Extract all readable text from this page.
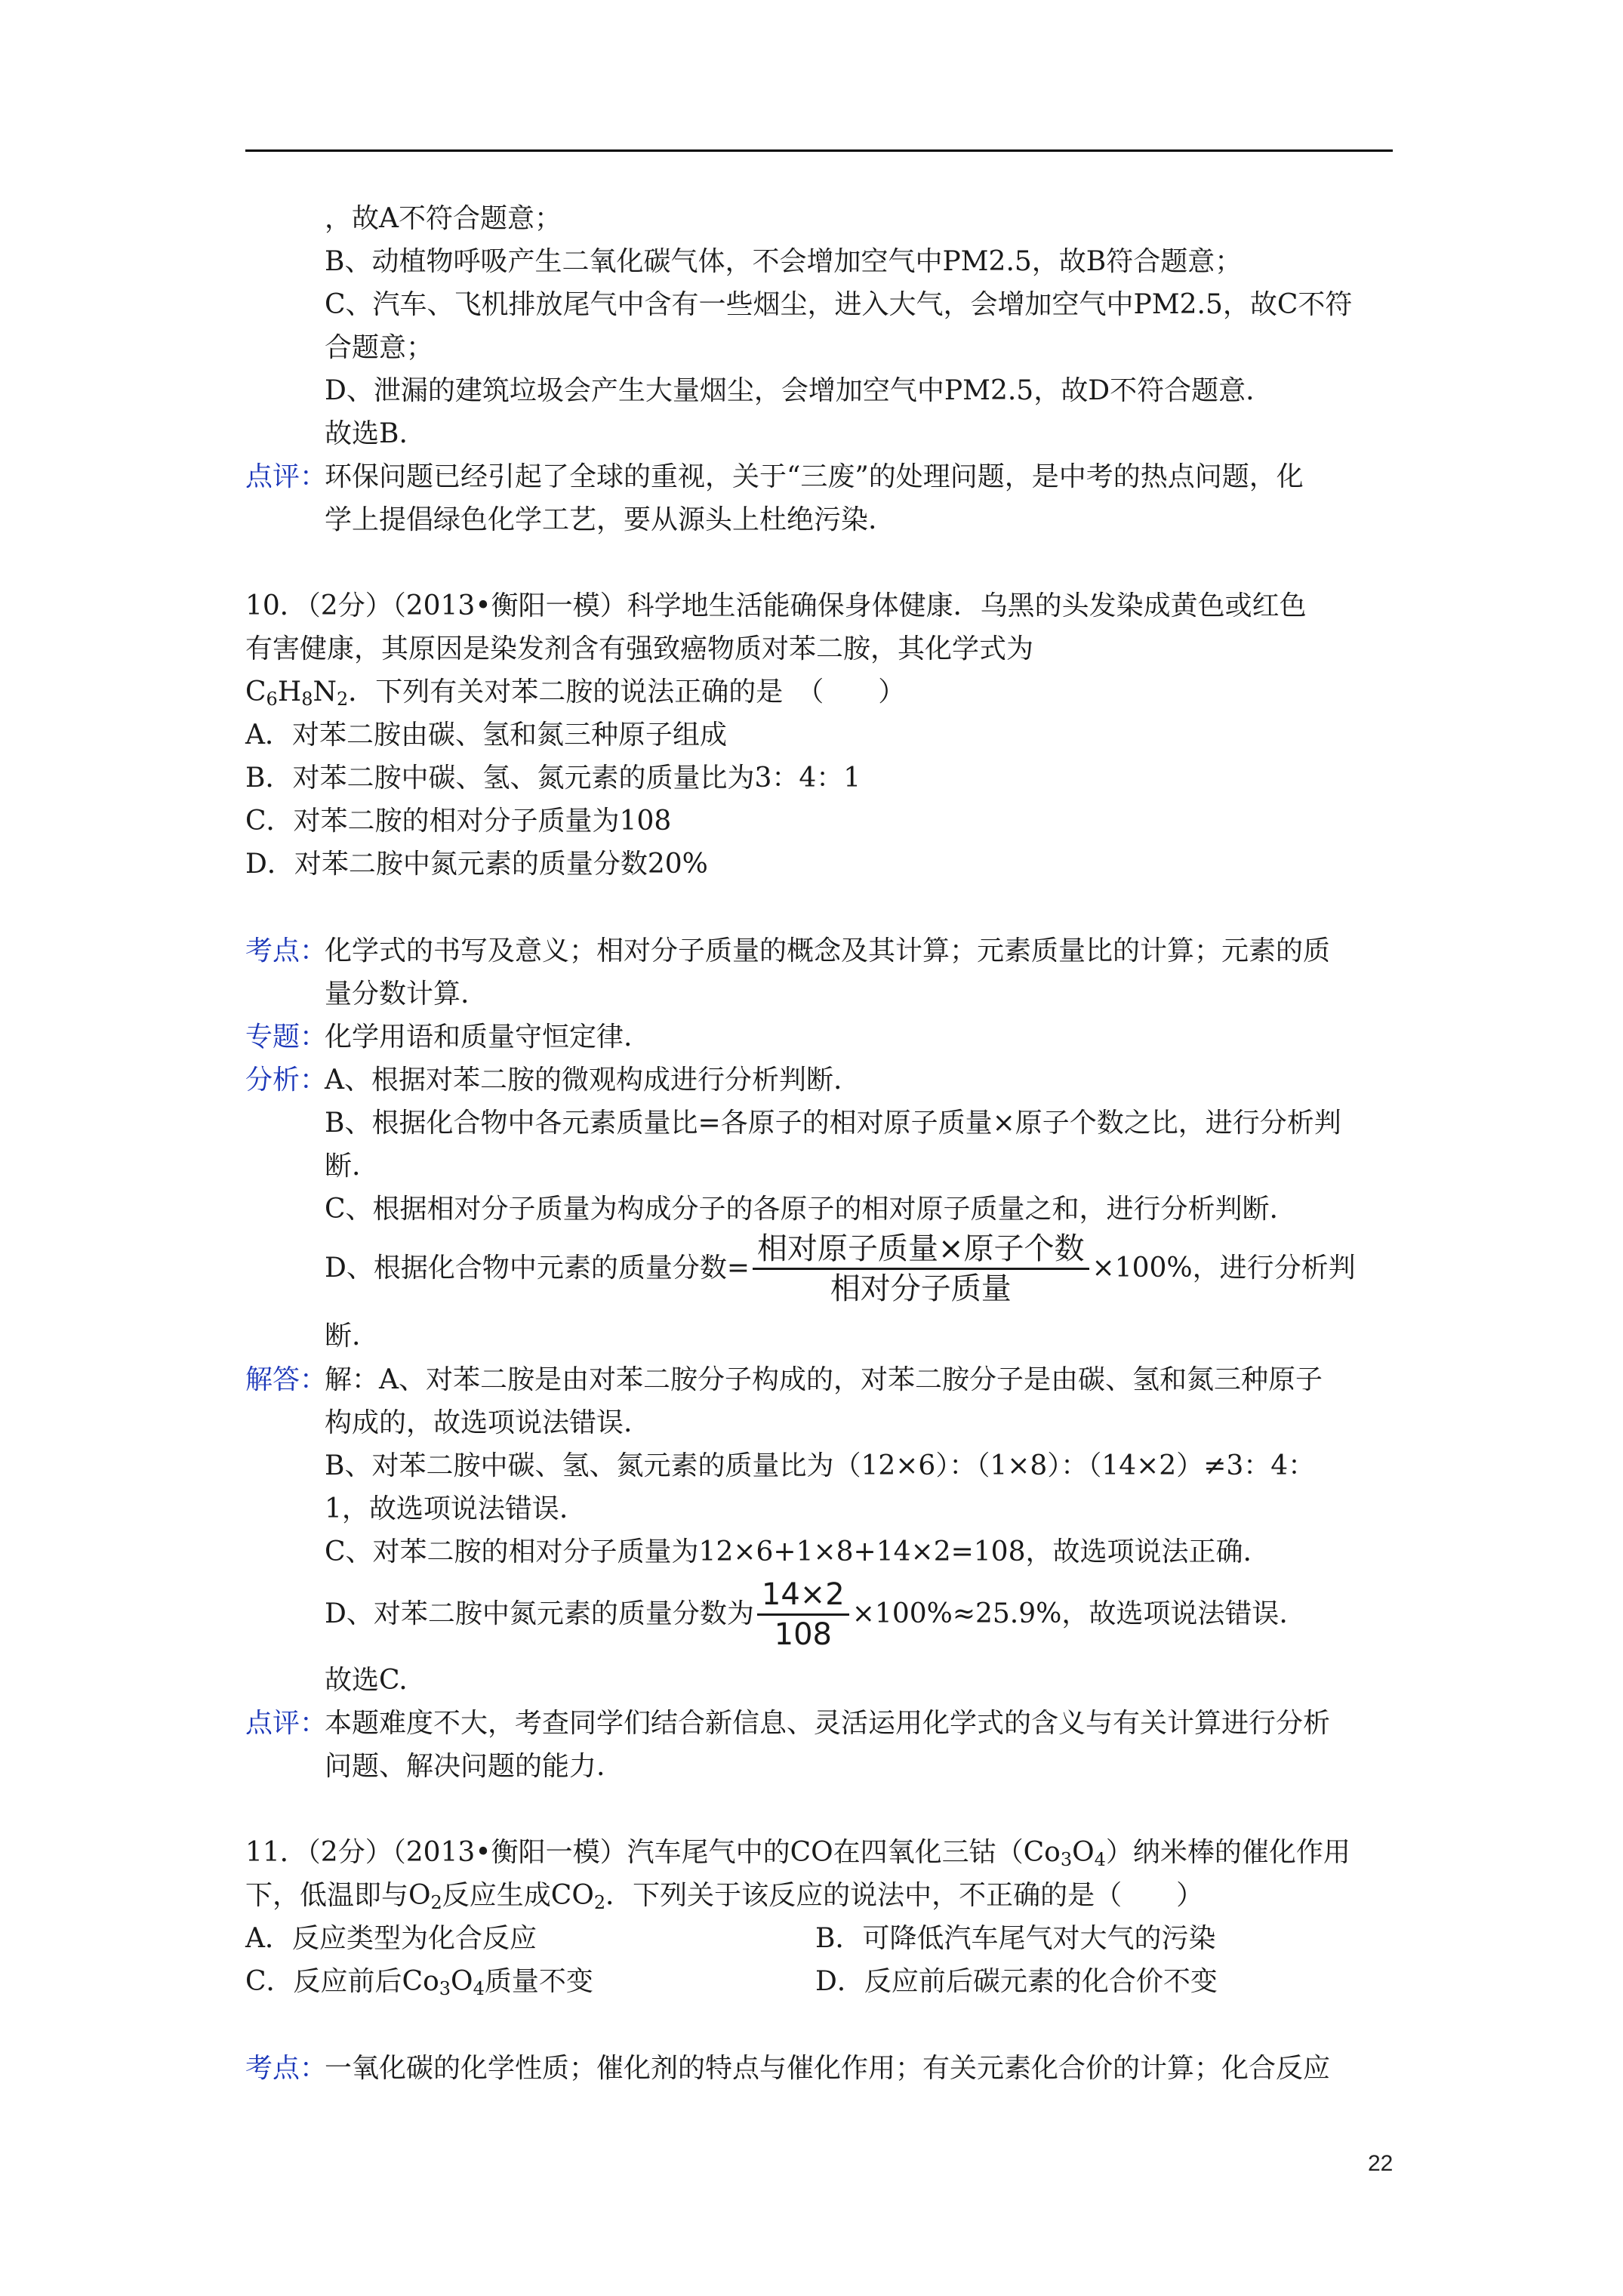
，故A不符合题意；
B、动植物呼吸产生二氧化碳气体，不会增加空气中PM2.5，故B符合题意；
C、汽车、飞机排放尾气中含有一些烟尘，进入大气，会增加空气中PM2.5，故C不符
合题意；
D、泄漏的建筑垃圾会产生大量烟尘，会增加空气中PM2.5，故D不符合题意.
故选B.
点评：
环保问题已经引起了全球的重视，关于“三废”的处理问题，是中考的热点问题，化
学上提倡绿色化学工艺，要从源头上杜绝污染.
10．（2分）（2013•衡阳一模）科学地生活能确保身体健康．乌黑的头发染成黄色或红色
有害健康，其原因是染发剂含有强致癌物质对苯二胺，其化学式为
$C_6H_8N_2$．下列有关对苯二胺的说法正确的是　（　　）
A．对苯二胺由碳、氢和氮三种原子组成
B．对苯二胺中碳、氢、氮元素的质量比为3：4：1
C．对苯二胺的相对分子质量为108
D．对苯二胺中氮元素的质量分数20%
考点：
化学式的书写及意义；相对分子质量的概念及其计算；元素质量比的计算；元素的质
量分数计算.
专题：
化学用语和质量守恒定律.
分析：
A、根据对苯二胺的微观构成进行分析判断.
B、根据化合物中各元素质量比=各原子的相对原子质量×原子个数之比，进行分析判
断.
C、根据相对分子质量为构成分子的各原子的相对原子质量之和，进行分析判断.
D、根据化合物中元素的质量分数= $\frac{\text{相对原子质量×原子个数}}{\text{相对分子质量}} \times 100\%$，进行分析判
断.
解答：
解：A、对苯二胺是由对苯二胺分子构成的，对苯二胺分子是由碳、氢和氮三种原子
构成的，故选项说法错误.
B、对苯二胺中碳、氢、氮元素的质量比为（12×6）：（1×8）：（14×2）≠3：4：
1，故选项说法错误.
C、对苯二胺的相对分子质量为12×6+1×8+14×2=108，故选项说法正确.
D、对苯二胺中氮元素的质量分数为 $\frac{14\times 2}{108} \times 100\%\approx 25.9\%$，故选项说法错误.
故选C.
点评：
本题难度不大，考查同学们结合新信息、灵活运用化学式的含义与有关计算进行分析
问题、解决问题的能力.
11．（2分）（2013•衡阳一模）汽车尾气中的CO在四氧化三钴$(Co_3O_4)$纳米棒的催化作用
下，低温即与$O_2$反应生成$CO_2$．下列关于该反应的说法中，不正确的是（　　）
A．反应类型为化合反应	B．可降低汽车尾气对大气的污染
C．反应前后$Co_3O_4$质量不变	D．反应前后碳元素的化合价不变
考点：
一氧化碳的化学性质；催化剂的特点与催化作用；有关元素化合价的计算；化合反应
22
